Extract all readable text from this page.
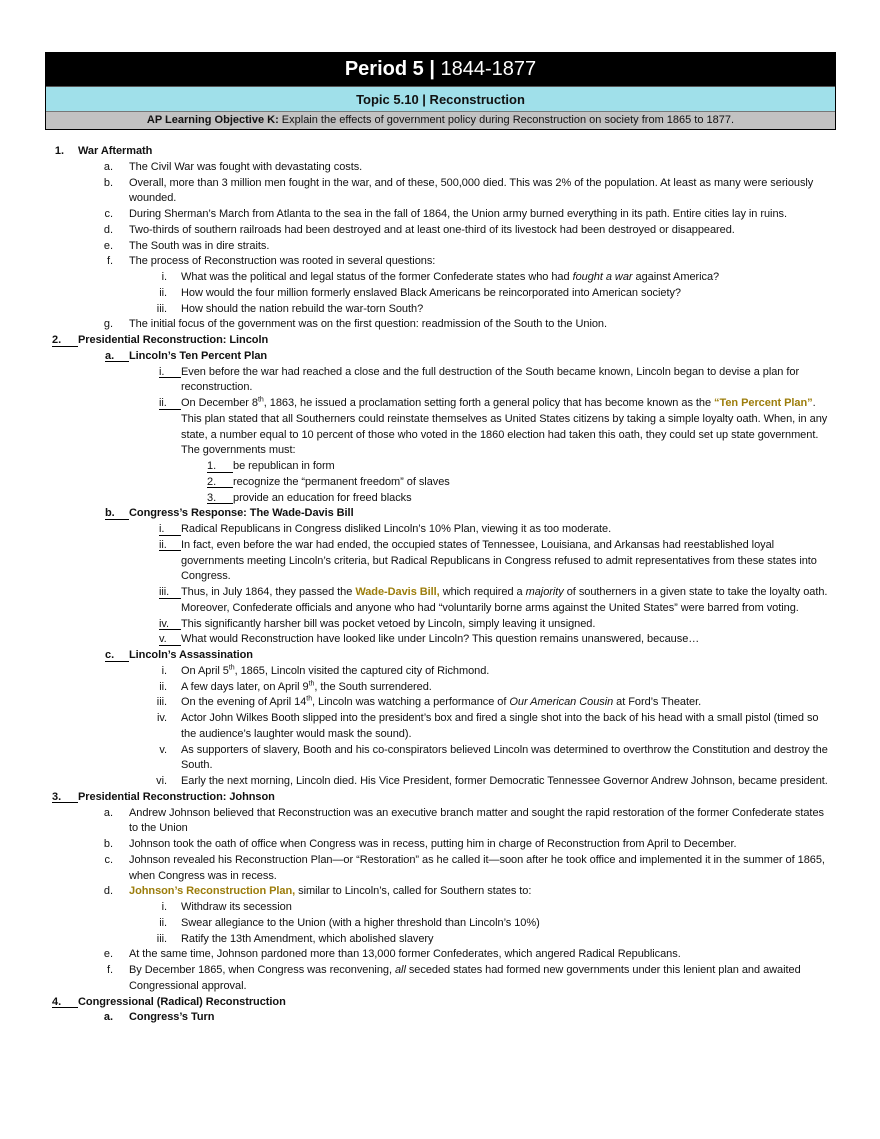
Period 5 | 1844-1877
Topic 5.10 | Reconstruction
AP Learning Objective K: Explain the effects of government policy during Reconstruction on society from 1865 to 1877.
1. War Aftermath
a. The Civil War was fought with devastating costs.
b. Overall, more than 3 million men fought in the war, and of these, 500,000 died. This was 2% of the population. At least as many were seriously wounded.
c. During Sherman’s March from Atlanta to the sea in the fall of 1864, the Union army burned everything in its path. Entire cities lay in ruins.
d. Two-thirds of southern railroads had been destroyed and at least one-third of its livestock had been destroyed or disappeared.
e. The South was in dire straits.
f. The process of Reconstruction was rooted in several questions:
i. What was the political and legal status of the former Confederate states who had fought a war against America?
ii. How would the four million formerly enslaved Black Americans be reincorporated into American society?
iii. How should the nation rebuild the war-torn South?
g. The initial focus of the government was on the first question: readmission of the South to the Union.
2.	Presidential Reconstruction: Lincoln
a.	Lincoln’s Ten Percent Plan
i.	Even before the war had reached a close and the full destruction of the South became known, Lincoln began to devise a plan for reconstruction.
ii.	On December 8th, 1863, he issued a proclamation setting forth a general policy that has become known as the “Ten Percent Plan”. This plan stated that all Southerners could reinstate themselves as United States citizens by taking a simple loyalty oath. When, in any state, a number equal to 10 percent of those who voted in the 1860 election had taken this oath, they could set up state government. The governments must:
1.	be republican in form
2.	recognize the “permanent freedom” of slaves
3.	provide an education for freed blacks
b.	Congress’s Response: The Wade-Davis Bill
i.	Radical Republicans in Congress disliked Lincoln’s 10% Plan, viewing it as too moderate.
ii.	In fact, even before the war had ended, the occupied states of Tennessee, Louisiana, and Arkansas had reestablished loyal governments meeting Lincoln’s criteria, but Radical Republicans in Congress refused to admit representatives from these states into Congress.
iii.	Thus, in July 1864, they passed the Wade-Davis Bill, which required a majority of southerners in a given state to take the loyalty oath. Moreover, Confederate officials and anyone who had “voluntarily borne arms against the United States” were barred from voting.
iv.	This significantly harsher bill was pocket vetoed by Lincoln, simply leaving it unsigned.
v.	What would Reconstruction have looked like under Lincoln? This question remains unanswered, because…
c.	Lincoln’s Assassination
i. On April 5th, 1865, Lincoln visited the captured city of Richmond.
ii. A few days later, on April 9th, the South surrendered.
iii. On the evening of April 14th, Lincoln was watching a performance of Our American Cousin at Ford’s Theater.
iv. Actor John Wilkes Booth slipped into the president’s box and fired a single shot into the back of his head with a small pistol (timed so the audience’s laughter would mask the sound).
v. As supporters of slavery, Booth and his co-conspirators believed Lincoln was determined to overthrow the Constitution and destroy the South.
vi. Early the next morning, Lincoln died. His Vice President, former Democratic Tennessee Governor Andrew Johnson, became president.
3.	Presidential Reconstruction: Johnson
a. Andrew Johnson believed that Reconstruction was an executive branch matter and sought the rapid restoration of the former Confederate states to the Union
b. Johnson took the oath of office when Congress was in recess, putting him in charge of Reconstruction from April to December.
c. Johnson revealed his Reconstruction Plan—or “Restoration” as he called it—soon after he took office and implemented it in the summer of 1865, when Congress was in recess.
d. Johnson’s Reconstruction Plan, similar to Lincoln’s, called for Southern states to:
i. Withdraw its secession
ii. Swear allegiance to the Union (with a higher threshold than Lincoln’s 10%)
iii. Ratify the 13th Amendment, which abolished slavery
e. At the same time, Johnson pardoned more than 13,000 former Confederates, which angered Radical Republicans.
f. By December 1865, when Congress was reconvening, all seceded states had formed new governments under this lenient plan and awaited Congressional approval.
4.	Congressional (Radical) Reconstruction
a. Congress’s Turn
